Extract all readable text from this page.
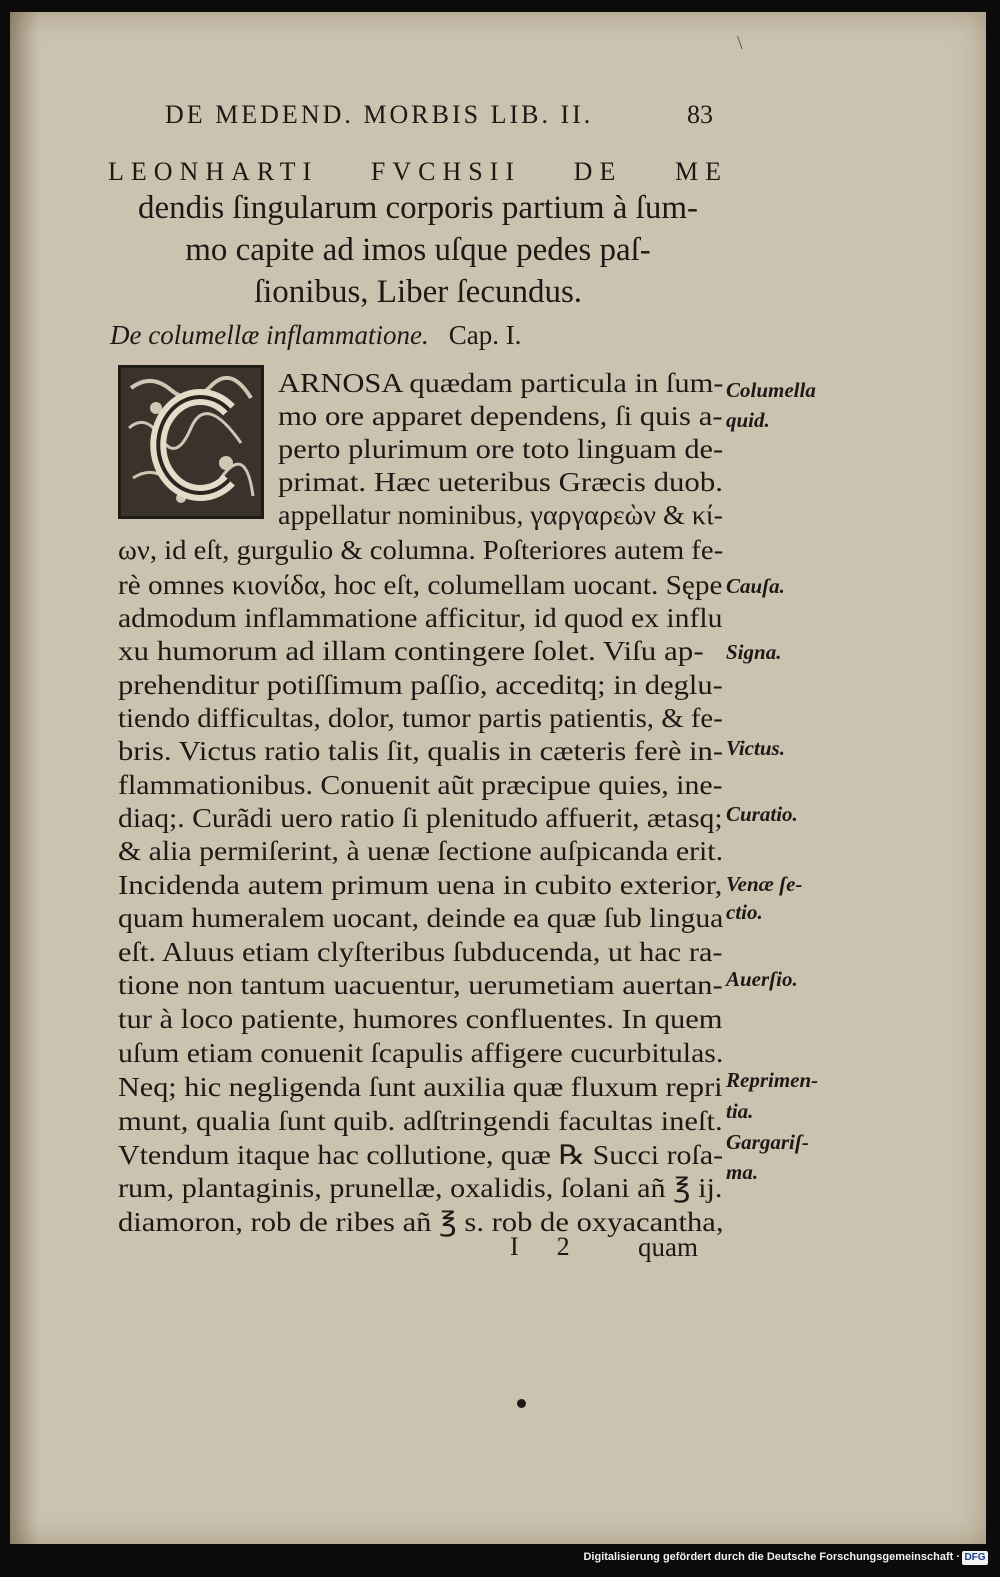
\
DE MEDEND. MORBIS LIB. II.	83
LEONHARTI FVCHSII DE ME
dendis ſingularum corporis partium à ſum-
mo capite ad imos uſque pedes paſ-
ſionibus, Liber ſecundus.
De columellæ inflammatione. Cap. I.
ARNOSA quædam particula in ſum-
mo ore apparet dependens, ſi quis a-
perto plurimum ore toto linguam de-
primat. Hæc ueteribus Græcis duob.
appellatur nominibus, γαργαρεὼν & κί-
ων, id eſt, gurgulio & columna. Poſteriores autem fe-
rè omnes κιονίδα, hoc eſt, columellam uocant. Sępe
admodum inflammatione afficitur, id quod ex influ
xu humorum ad illam contingere ſolet. Viſu ap-
prehenditur potiſſimum paſſio, acceditq; in deglu-
tiendo difficultas, dolor, tumor partis patientis, & fe-
bris. Victus ratio talis ſit, qualis in cæteris ferè in-
flammationibus. Conuenit aũt præcipue quies, ine-
diaq;. Curãdi uero ratio ſi plenitudo affuerit, ætasq;
& alia permiſerint, à uenæ ſectione auſpicanda erit.
Incidenda autem primum uena in cubito exterior,
quam humeralem uocant, deinde ea quæ ſub lingua
eſt. Aluus etiam clyſteribus ſubducenda, ut hac ra-
tione non tantum uacuentur, uerumetiam auertan-
tur à loco patiente, humores confluentes. In quem
uſum etiam conuenit ſcapulis affigere cucurbitulas.
Neq; hic negligenda ſunt auxilia quæ fluxum repri
munt, qualia ſunt quib. adſtringendi facultas ineſt.
Vtendum itaque hac collutione, quæ ℞ Succi roſa-
rum, plantaginis, prunellæ, oxalidis, ſolani añ ℥ ij.
diamoron, rob de ribes añ ℥ s. rob de oxyacantha,
Columella
quid.
Cauſa.
Signa.
Victus.
Curatio.
Venæ ſe-
ctio.
Auerſio.
Reprimen-
tia.
Gargariſ-
ma.
I 2	quam
Digitalisierung gefördert durch die Deutsche Forschungsgemeinschaft · DFG
